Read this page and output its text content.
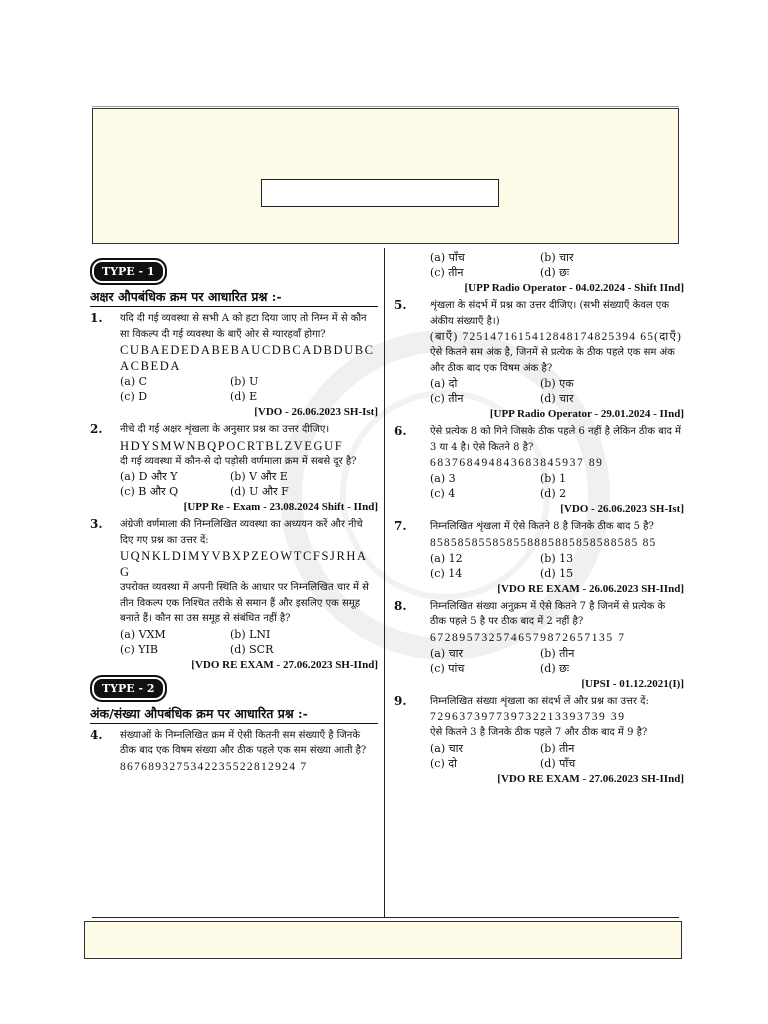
TYPE - 1
अक्षर औपबंधिक क्रम पर आधारित प्रश्न :-
1. यदि दी गई व्यवस्था से सभी A को हटा दिया जाए तो निम्न में से कौन सा विकल्प दी गई व्यवस्था के बाएँ ओर से ग्यारहवाँ होगा?
CUBAEDEDABEBAUCDBCADBDUBCACBEDA
(a) C	(b) U
(c) D	(d) E
[VDO - 26.06.2023 SH-Ist]
2. नीचे दी गई अक्षर शृंखला के अनुसार प्रश्न का उत्तर दीजिए।
HDYSMWNBQPOCRTBLZVEGUF
दी गई व्यवस्था में कौन-से दो पड़ोसी वर्णमाला क्रम में सबसे दूर है?
(a) D और Y	(b) V और E
(c) B और Q	(d) U और F
[UPP Re - Exam - 23.08.2024 Shift - IInd]
3. अंग्रेजी वर्णमाला की निम्नलिखित व्यवस्था का अध्ययन करें और नीचे दिए गए प्रश्न का उत्तर दें:
UQNKLDIMYVBXPZEOWTCFSJRHAG
उपरोक्त व्यवस्था में अपनी स्थिति के आधार पर निम्नलिखित चार में से तीन विकल्प एक निश्चित तरीके से समान हैं और इसलिए एक समूह बनाते हैं। कौन सा उस समूह से संबंधित नहीं है?
(a) VXM	(b) LNI
(c) YIB	(d) SCR
[VDO RE EXAM - 27.06.2023 SH-IInd]
TYPE - 2
अंक/संख्या औपबंधिक क्रम पर आधारित प्रश्न :-
4. संख्याओं के निम्नलिखित क्रम में ऐसी कितनी सम संख्याएँ है जिनके ठीक बाद एक विषम संख्या और ठीक पहले एक सम संख्या आती है?
8676893275342235522812924 7
(a) पाँच	(b) चार
(c) तीन	(d) छः
[UPP Radio Operator - 04.02.2024 - Shift IInd]
5. शृंखला के संदर्भ में प्रश्न का उत्तर दीजिए। (सभी संख्याएँ केवल एक अंकीय संख्याएँ है।)
(बाएँ) 7251471615412848174825394 65(दाएँ)
ऐसे कितने सम अंक है, जिनमें से प्रत्येक के ठीक पहले एक सम अंक और ठीक बाद एक विषम अंक है?
(a) दो	(b) एक
(c) तीन	(d) चार
[UPP Radio Operator - 29.01.2024 - IInd]
6. ऐसे प्रत्येक 8 को गिने जिसके ठीक पहले 6 नहीं है लेकिन ठीक बाद में 3 या 4 है। ऐसे कितने 8 है?
683768494843683845937 89
(a) 3	(b) 1
(c) 4	(d) 2
[VDO - 26.06.2023 SH-Ist]
7. निम्नलिखित शृंखला में ऐसे कितने 8 है जिनके ठीक बाद 5 है?
858585855858558885885858588585 85
(a) 12	(b) 13
(c) 14	(d) 15
[VDO RE EXAM - 26.06.2023 SH-IInd]
8. निम्नलिखित संख्या अनुक्रम में ऐसे कितने 7 है जिनमें से प्रत्येक के ठीक पहले 5 है पर ठीक बाद में 2 नहीं है?
6728957325746579872657135 7
(a) चार	(b) तीन
(c) पांच	(d) छः
[UPSI - 01.12.2021(I)]
9. निम्नलिखित संख्या शृंखला का संदर्भ लें और प्रश्न का उत्तर दें:
729637397739732213393739 39
ऐसे कितने 3 है जिनके ठीक पहले 7 और ठीक बाद में 9 है?
(a) चार	(b) तीन
(c) दो	(d) पाँच
[VDO RE EXAM - 27.06.2023 SH-IInd]
